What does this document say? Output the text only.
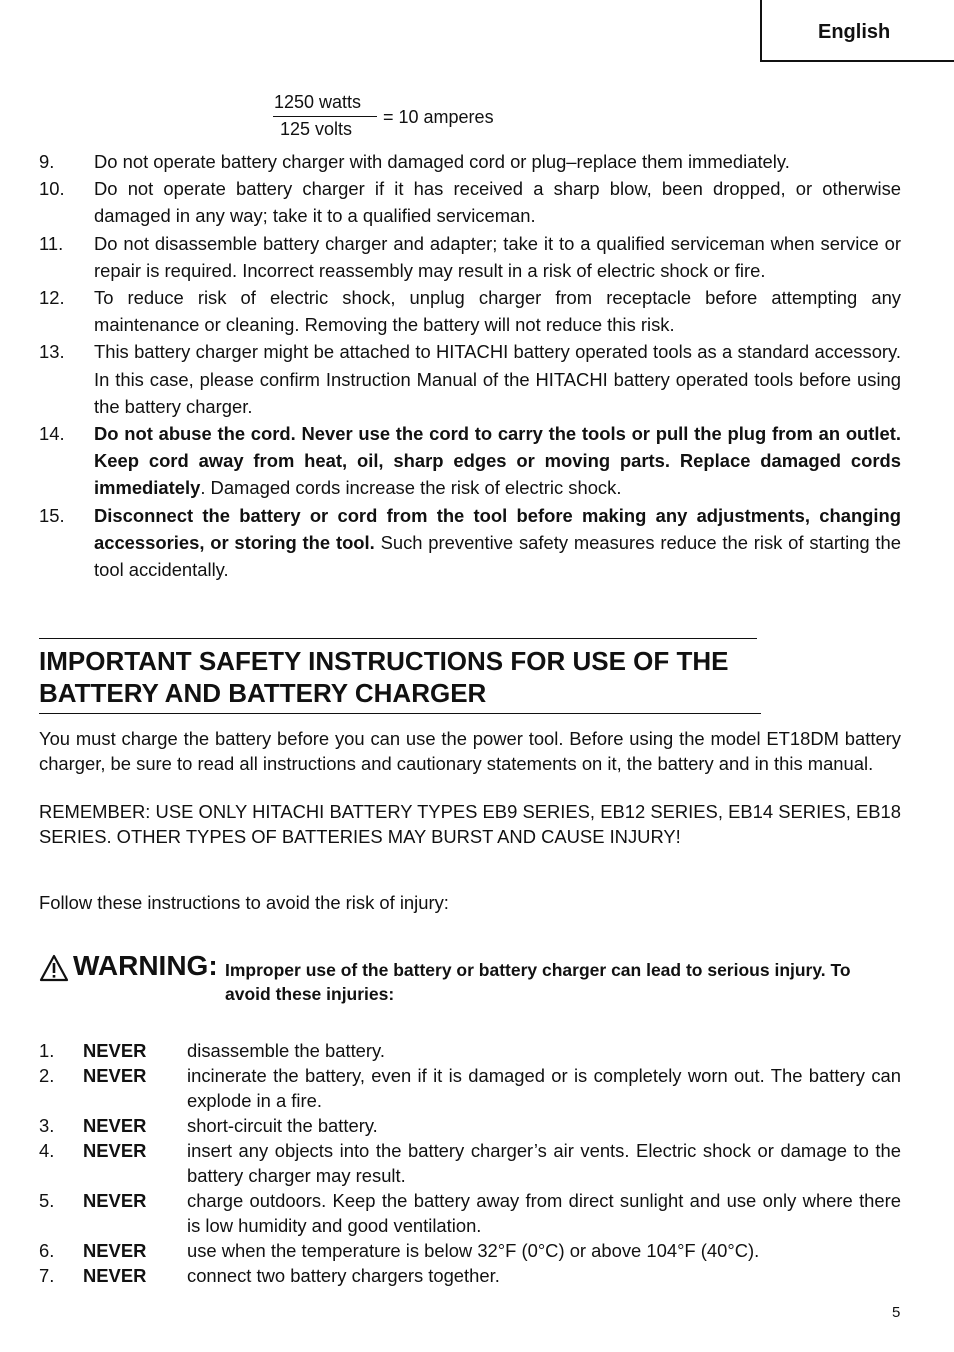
English
1250 watts
125 volts
= 10 amperes
9. Do not operate battery charger with damaged cord or plug–replace them immediately.
10. Do not operate battery charger if it has received a sharp blow, been dropped, or otherwise damaged in any way; take it to a qualified serviceman.
11. Do not disassemble battery charger and adapter; take it to a qualified serviceman when service or repair is required. Incorrect reassembly may result in a risk of electric shock or fire.
12. To reduce risk of electric shock, unplug charger from receptacle before attempting any maintenance or cleaning. Removing the battery will not reduce this risk.
13. This battery charger might be attached to HITACHI battery operated tools as a standard accessory. In this case, please confirm Instruction Manual of the HITACHI battery operated tools before using the battery charger.
14. Do not abuse the cord. Never use the cord to carry the tools or pull the plug from an outlet. Keep cord away from heat, oil, sharp edges or moving parts. Replace damaged cords immediately. Damaged cords increase the risk of electric shock.
15. Disconnect the battery or cord from the tool before making any adjustments, changing accessories, or storing the tool. Such preventive safety measures reduce the risk of starting the tool accidentally.
IMPORTANT SAFETY INSTRUCTIONS FOR USE OF THE
BATTERY AND BATTERY CHARGER
You must charge the battery before you can use the power tool. Before using the model ET18DM battery charger, be sure to read all instructions and cautionary statements on it, the battery and in this manual.
REMEMBER: USE ONLY HITACHI BATTERY TYPES EB9 SERIES, EB12 SERIES, EB14 SERIES, EB18 SERIES. OTHER TYPES OF BATTERIES MAY BURST AND CAUSE INJURY!
Follow these instructions to avoid the risk of injury:
WARNING: Improper use of the battery or battery charger can lead to serious injury. To avoid these injuries:
1. NEVER disassemble the battery.
2. NEVER incinerate the battery, even if it is damaged or is completely worn out. The battery can explode in a fire.
3. NEVER short-circuit the battery.
4. NEVER insert any objects into the battery charger’s air vents. Electric shock or damage to the battery charger may result.
5. NEVER charge outdoors. Keep the battery away from direct sunlight and use only where there is low humidity and good ventilation.
6. NEVER use when the temperature is below 32°F (0°C) or above 104°F (40°C).
7. NEVER connect two battery chargers together.
5
